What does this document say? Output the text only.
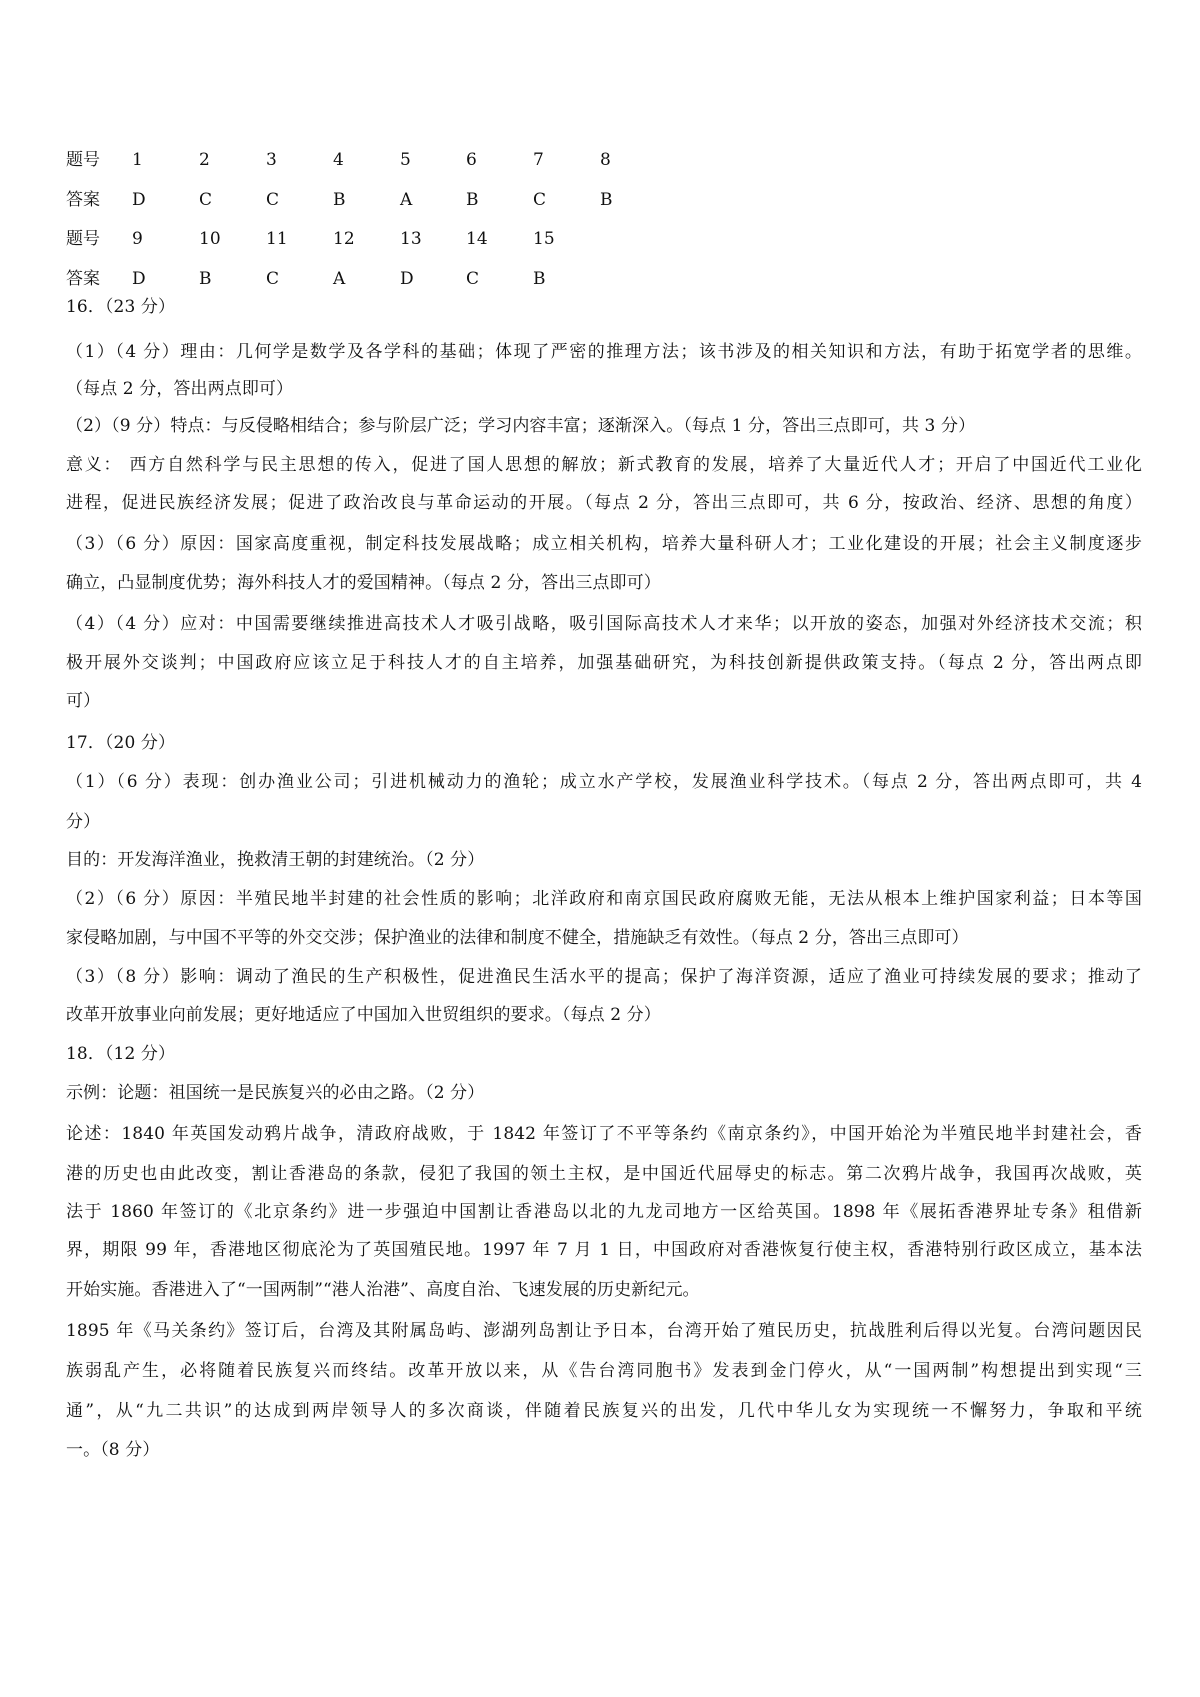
题号 1	2	3	4	5	6	7	8
答案 D	C	C	B	A	B	C	B
题号 9	10	11	12	13	14	15
答案 D	B	C	A	D	C	B
16．（23 分）
（1）（4 分）理由：几何学是数学及各学科的基础；体现了严密的推理方法；该书涉及的相关知识和方法，有助于拓宽学者的思维。
（每点 2 分，答出两点即可）
（2）（9 分）特点：与反侵略相结合；参与阶层广泛；学习内容丰富；逐渐深入。（每点 1 分，答出三点即可，共 3 分）
意义： 西方自然科学与民主思想的传入，促进了国人思想的解放；新式教育的发展，培养了大量近代人才；开启了中国近代工业化
进程，促进民族经济发展；促进了政治改良与革命运动的开展。（每点 2 分，答出三点即可，共 6 分，按政治、经济、思想的角度）
（3）（6 分）原因：国家高度重视，制定科技发展战略；成立相关机构，培养大量科研人才；工业化建设的开展；社会主义制度逐步
确立，凸显制度优势；海外科技人才的爱国精神。（每点 2 分，答出三点即可）
（4）（4 分）应对：中国需要继续推进高技术人才吸引战略，吸引国际高技术人才来华；以开放的姿态，加强对外经济技术交流；积
极开展外交谈判；中国政府应该立足于科技人才的自主培养，加强基础研究，为科技创新提供政策支持。（每点 2 分，答出两点即
可）
17．（20 分）
（1）（6 分）表现：创办渔业公司；引进机械动力的渔轮；成立水产学校，发展渔业科学技术。（每点 2 分，答出两点即可，共 4
分）
目的：开发海洋渔业，挽救清王朝的封建统治。（2 分）
（2）（6 分）原因：半殖民地半封建的社会性质的影响；北洋政府和南京国民政府腐败无能，无法从根本上维护国家利益；日本等国
家侵略加剧，与中国不平等的外交交涉；保护渔业的法律和制度不健全，措施缺乏有效性。（每点 2 分，答出三点即可）
（3）（8 分）影响：调动了渔民的生产积极性，促进渔民生活水平的提高；保护了海洋资源，适应了渔业可持续发展的要求；推动了
改革开放事业向前发展；更好地适应了中国加入世贸组织的要求。（每点 2 分）
18．（12 分）
示例：论题：祖国统一是民族复兴的必由之路。（2 分）
论述：1840 年英国发动鸦片战争，清政府战败，于 1842 年签订了不平等条约《南京条约》，中国开始沦为半殖民地半封建社会，香
港的历史也由此改变，割让香港岛的条款，侵犯了我国的领土主权，是中国近代屈辱史的标志。第二次鸦片战争，我国再次战败，英
法于 1860 年签订的《北京条约》进一步强迫中国割让香港岛以北的九龙司地方一区给英国。1898 年《展拓香港界址专条》租借新
界，期限 99 年，香港地区彻底沦为了英国殖民地。1997 年 7 月 1 日，中国政府对香港恢复行使主权，香港特别行政区成立，基本法
开始实施。香港进入了“一国两制”“港人治港”、高度自治、飞速发展的历史新纪元。
1895 年《马关条约》签订后，台湾及其附属岛屿、澎湖列岛割让予日本，台湾开始了殖民历史，抗战胜利后得以光复。台湾问题因民
族弱乱产生，必将随着民族复兴而终结。改革开放以来，从《告台湾同胞书》发表到金门停火，从“一国两制”构想提出到实现“三
通”，从“九二共识”的达成到两岸领导人的多次商谈，伴随着民族复兴的出发，几代中华儿女为实现统一不懈努力，争取和平统
一。（8 分）
